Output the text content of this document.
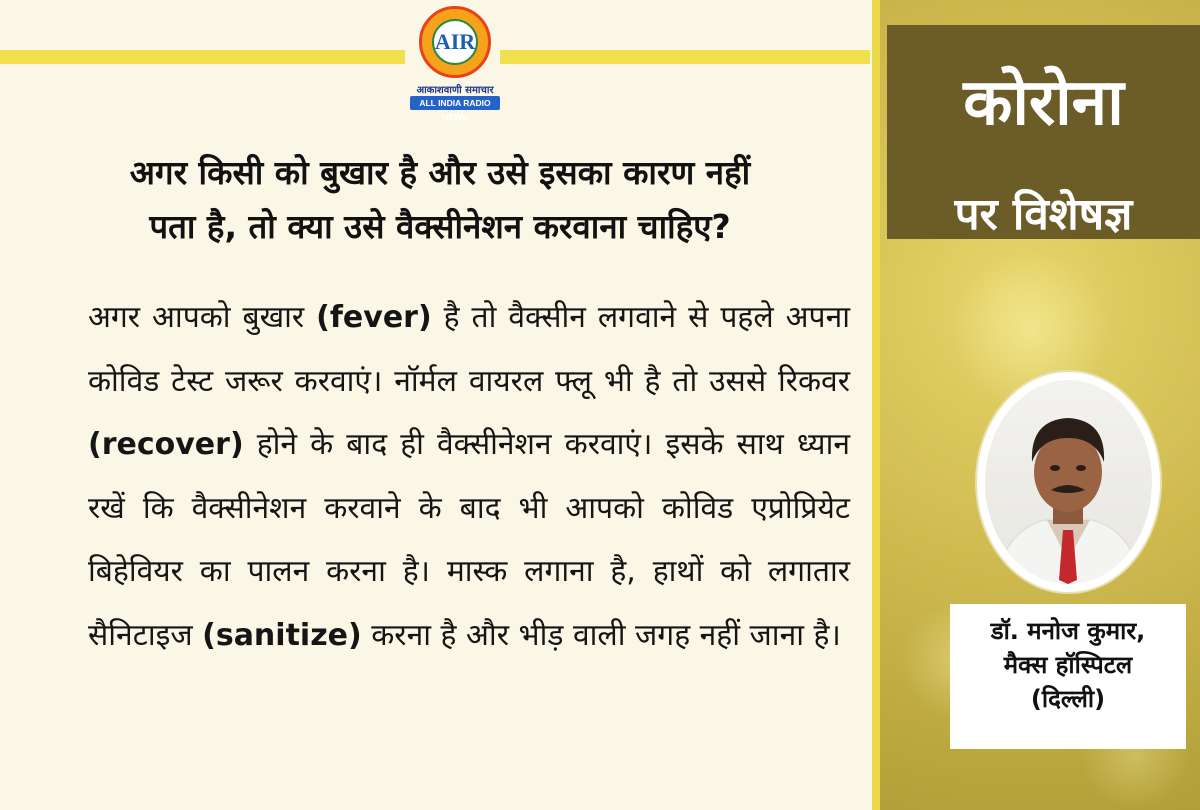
AIR
आकाशवाणी समाचार
ALL INDIA RADIO NEWS
अगर किसी को बुखार है और उसे इसका कारण नहीं
पता है, तो क्या उसे वैक्सीनेशन करवाना चाहिए?

अगर आपको बुखार (fever) है तो वैक्सीन लगवाने से पहले अपना कोविड टेस्ट जरूर करवाएं। नॉर्मल वायरल फ्लू भी है तो उससे रिकवर (recover) होने के बाद ही वैक्सीनेशन करवाएं। इसके साथ ध्यान रखें कि वैक्सीनेशन करवाने के बाद भी आपको कोविड एप्रोप्रियेट बिहेवियर का पालन करना है। मास्क लगाना है, हाथों को लगातार सैनिटाइज (sanitize) करना है और भीड़ वाली जगह नहीं जाना है।

कोरोना
पर विशेषज्ञ
डॉ. मनोज कुमार,
मैक्स हॉस्पिटल
(दिल्ली)
